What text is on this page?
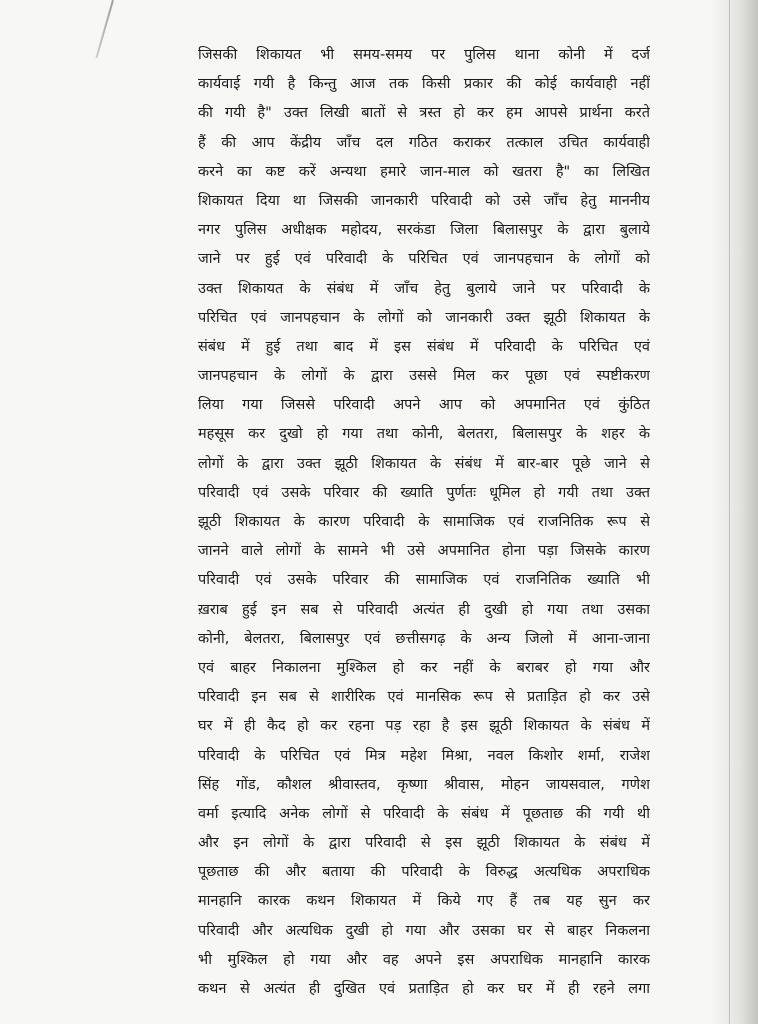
जिसकी शिकायत भी समय-समय पर पुलिस थाना कोनी में दर्ज
कार्यवाई गयी है किन्तु आज तक किसी प्रकार की कोई कार्यवाही नहीं
की गयी है" उक्त लिखी बातों से त्रस्त हो कर हम आपसे प्रार्थना करते
हैं की आप केंद्रीय जाँच दल गठित कराकर तत्काल उचित कार्यवाही
करने का कष्ट करें अन्यथा हमारे जान-माल को खतरा है" का लिखित
शिकायत दिया था जिसकी जानकारी परिवादी को उसे जाँच हेतु माननीय
नगर पुलिस अधीक्षक महोदय, सरकंडा जिला बिलासपुर के द्वारा बुलाये
जाने पर हुई एवं परिवादी के परिचित एवं जानपहचान के लोगों को
उक्त शिकायत के संबंध में जाँच हेतु बुलाये जाने पर परिवादी के
परिचित एवं जानपहचान के लोगों को जानकारी उक्त झूठी शिकायत के
संबंध में हुई तथा बाद में इस संबंध में परिवादी के परिचित एवं
जानपहचान के लोगों के द्वारा उससे मिल कर पूछा एवं स्पष्टीकरण
लिया गया जिससे परिवादी अपने आप को अपमानित एवं कुंठित
महसूस कर दुखो हो गया तथा कोनी, बेलतरा, बिलासपुर के शहर के
लोगों के द्वारा उक्त झूठी शिकायत के संबंध में बार-बार पूछे जाने से
परिवादी एवं उसके परिवार की ख्याति पुर्णतः धूमिल हो गयी तथा उक्त
झूठी शिकायत के कारण परिवादी के सामाजिक एवं राजनितिक रूप से
जानने वाले लोगों के सामने भी उसे अपमानित होना पड़ा जिसके कारण
परिवादी एवं उसके परिवार की सामाजिक एवं राजनितिक ख्याति भी
ख़राब हुई इन सब से परिवादी अत्यंत ही दुखी हो गया तथा उसका
कोनी, बेलतरा, बिलासपुर एवं छत्तीसगढ़ के अन्य जिलो में आना-जाना
एवं बाहर निकालना मुश्किल हो कर नहीं के बराबर हो गया और
परिवादी इन सब से शारीरिक एवं मानसिक रूप से प्रताड़ित हो कर उसे
घर में ही कैद हो कर रहना पड़ रहा है इस झूठी शिकायत के संबंध में
परिवादी के परिचित एवं मित्र महेश मिश्रा, नवल किशोर शर्मा, राजेश
सिंह गोंड, कौशल श्रीवास्तव, कृष्णा श्रीवास, मोहन जायसवाल, गणेश
वर्मा इत्यादि अनेक लोगों से परिवादी के संबंध में पूछताछ की गयी थी
और इन लोगों के द्वारा परिवादी से इस झूठी शिकायत के संबंध में
पूछताछ की और बताया की परिवादी के विरुद्ध अत्यधिक अपराधिक
मानहानि कारक कथन शिकायत में किये गए हैं तब यह सुन कर
परिवादी और अत्यधिक दुखी हो गया और उसका घर से बाहर निकलना
भी मुश्किल हो गया और वह अपने इस अपराधिक मानहानि कारक
कथन से अत्यंत ही दुखित एवं प्रताड़ित हो कर घर में ही रहने लगा
